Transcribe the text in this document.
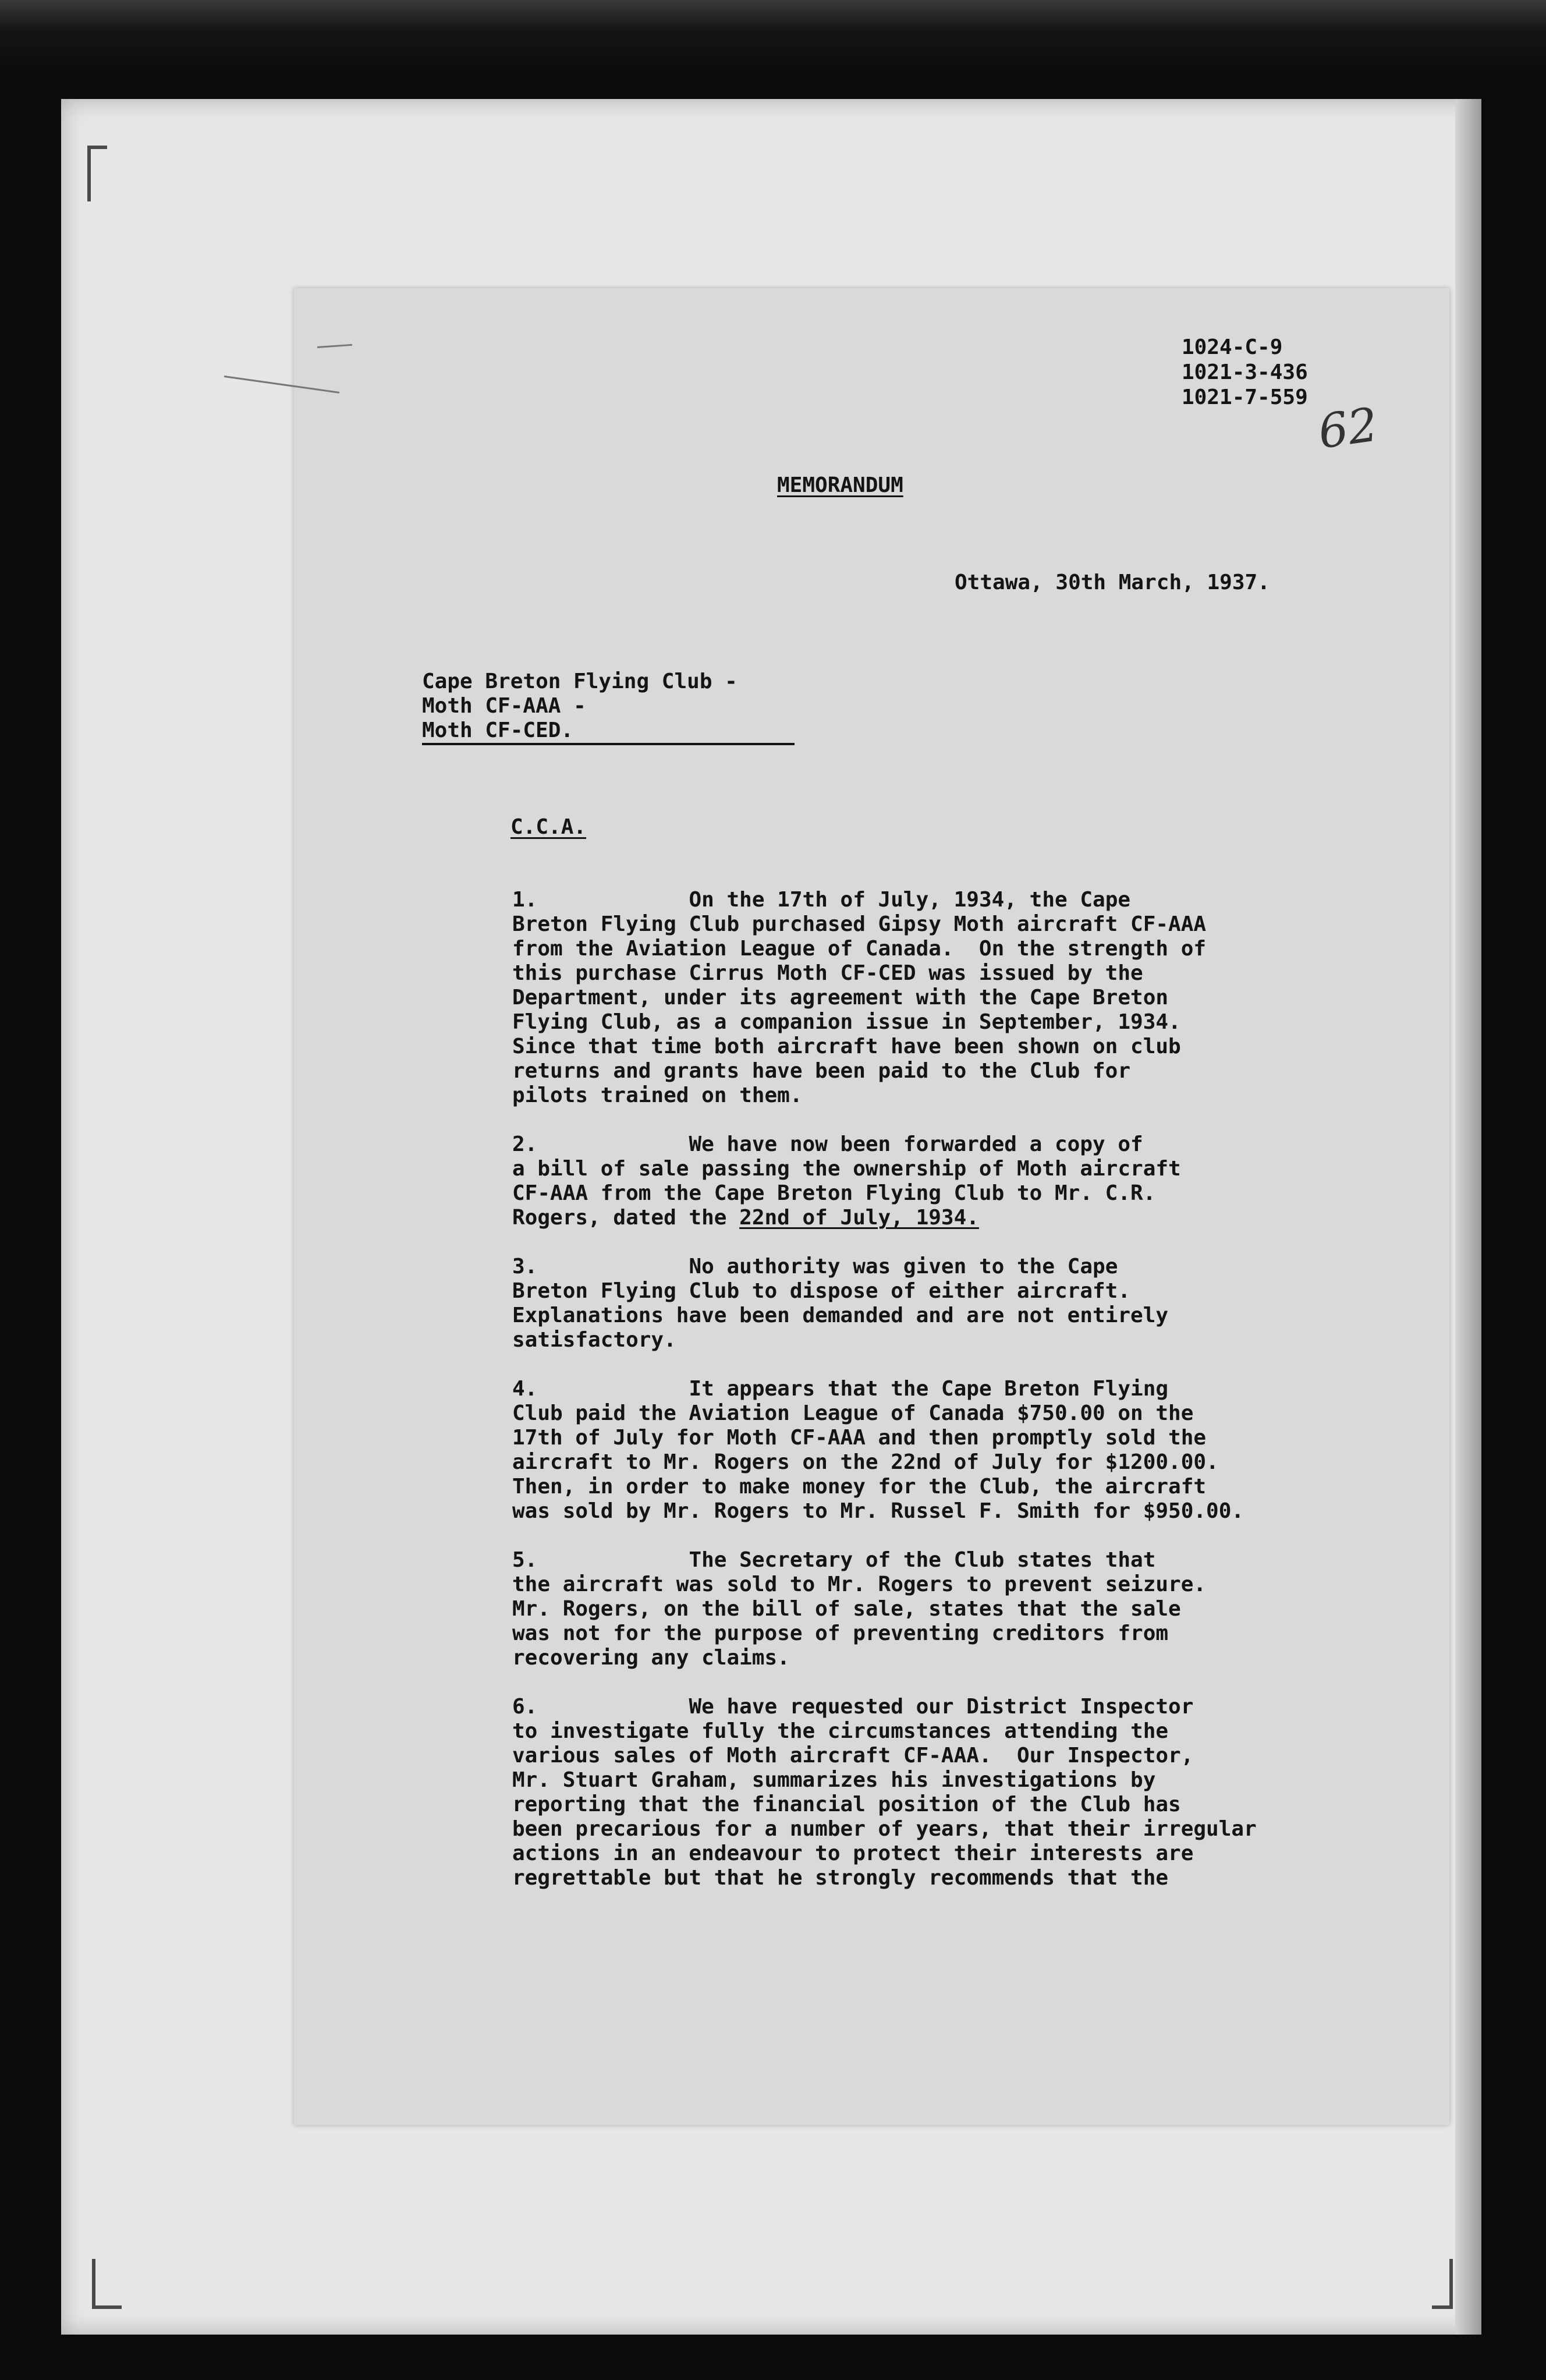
1024-C-9
1021-3-436
1021-7-559 62
MEMORANDUM
Ottawa, 30th March, 1937.
Cape Breton Flying Club -
Moth CF-AAA -
Moth CF-CED.
C.C.A.
1.	On the 17th of July, 1934, the Cape
Breton Flying Club purchased Gipsy Moth aircraft CF-AAA
from the Aviation League of Canada.  On the strength of
this purchase Cirrus Moth CF-CED was issued by the
Department, under its agreement with the Cape Breton
Flying Club, as a companion issue in September, 1934.
Since that time both aircraft have been shown on club
returns and grants have been paid to the Club for
pilots trained on them.
2.	We have now been forwarded a copy of
a bill of sale passing the ownership of Moth aircraft
CF-AAA from the Cape Breton Flying Club to Mr. C.R.
Rogers, dated the 22nd of July, 1934.
3.	No authority was given to the Cape
Breton Flying Club to dispose of either aircraft.
Explanations have been demanded and are not entirely
satisfactory.
4.	It appears that the Cape Breton Flying
Club paid the Aviation League of Canada $750.00 on the
17th of July for Moth CF-AAA and then promptly sold the
aircraft to Mr. Rogers on the 22nd of July for $1200.00.
Then, in order to make money for the Club, the aircraft
was sold by Mr. Rogers to Mr. Russel F. Smith for $950.00.
5.	The Secretary of the Club states that
the aircraft was sold to Mr. Rogers to prevent seizure.
Mr. Rogers, on the bill of sale, states that the sale
was not for the purpose of preventing creditors from
recovering any claims.
6.	We have requested our District Inspector
to investigate fully the circumstances attending the
various sales of Moth aircraft CF-AAA.  Our Inspector,
Mr. Stuart Graham, summarizes his investigations by
reporting that the financial position of the Club has
been precarious for a number of years, that their irregular
actions in an endeavour to protect their interests are
regrettable but that he strongly recommends that the
